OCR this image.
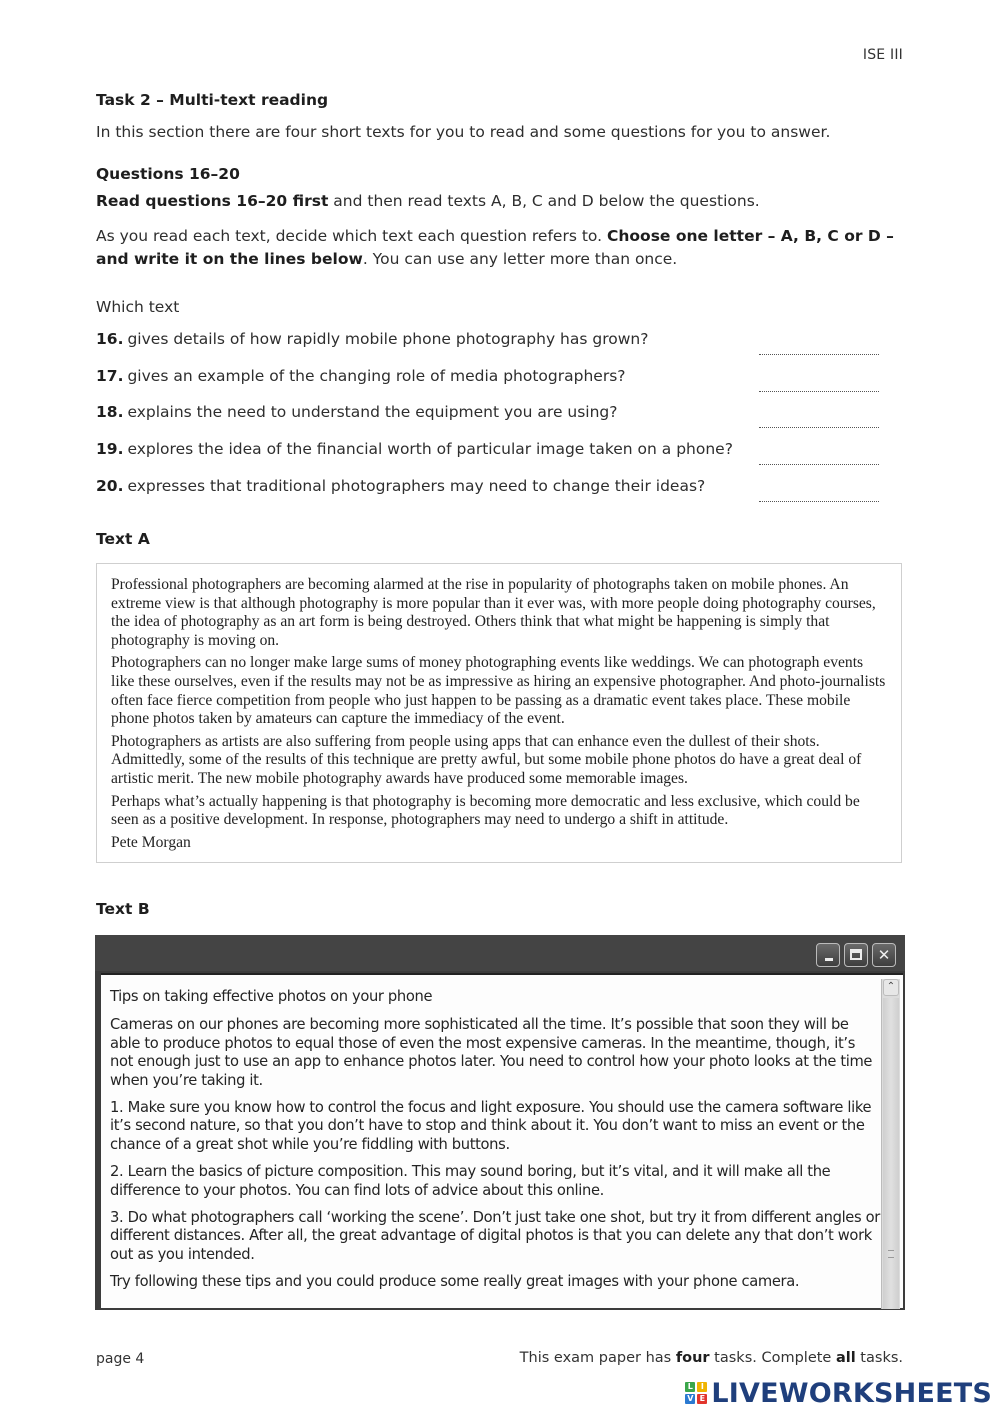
ISE III
Task 2 – Multi-text reading
In this section there are four short texts for you to read and some questions for you to answer.
Questions 16–20
Read questions 16–20 first and then read texts A, B, C and D below the questions.
As you read each text, decide which text each question refers to. Choose one letter – A, B, C or D – and write it on the lines below. You can use any letter more than once.
Which text
16. gives details of how rapidly mobile phone photography has grown?
17. gives an example of the changing role of media photographers?
18. explains the need to understand the equipment you are using?
19. explores the idea of the financial worth of particular image taken on a phone?
20. expresses that traditional photographers may need to change their ideas?
Text A

Professional photographers are becoming alarmed at the rise in popularity of photographs taken on mobile phones. An extreme view is that although photography is more popular than it ever was, with more people doing photography courses, the idea of photography as an art form is being destroyed. Others think that what might be happening is simply that photography is moving on.

Photographers can no longer make large sums of money photographing events like weddings. We can photograph events like these ourselves, even if the results may not be as impressive as hiring an expensive photographer. And photo-journalists often face fierce competition from people who just happen to be passing as a dramatic event takes place. These mobile phone photos taken by amateurs can capture the immediacy of the event.

Photographers as artists are also suffering from people using apps that can enhance even the dullest of their shots. Admittedly, some of the results of this technique are pretty awful, but some mobile phone photos do have a great deal of artistic merit. The new mobile photography awards have produced some memorable images.

Perhaps what’s actually happening is that photography is becoming more democratic and less exclusive, which could be seen as a positive development. In response, photographers may need to undergo a shift in attitude.

Pete Morgan

Text B
✕
Tips on taking effective photos on your phone

Cameras on our phones are becoming more sophisticated all the time. It’s possible that soon they will be able to produce photos to equal those of even the most expensive cameras. In the meantime, though, it’s not enough just to use an app to enhance photos later. You need to control how your photo looks at the time when you’re taking it.

1. Make sure you know how to control the focus and light exposure. You should use the camera software like it’s second nature, so that you don’t have to stop and think about it. You don’t want to miss an event or the chance of a great shot while you’re fiddling with buttons.

2. Learn the basics of picture composition. This may sound boring, but it’s vital, and it will make all the difference to your photos. You can find lots of advice about this online.

3. Do what photographers call ‘working the scene’. Don’t just take one shot, but try it from different angles or different distances. After all, the great advantage of digital photos is that you can delete any that don’t work out as you intended.

Try following these tips and you could produce some really great images with your phone camera.

⌃
page 4	This exam paper has four tasks. Complete all tasks.
L I
V E LIVEWORKSHEETS
